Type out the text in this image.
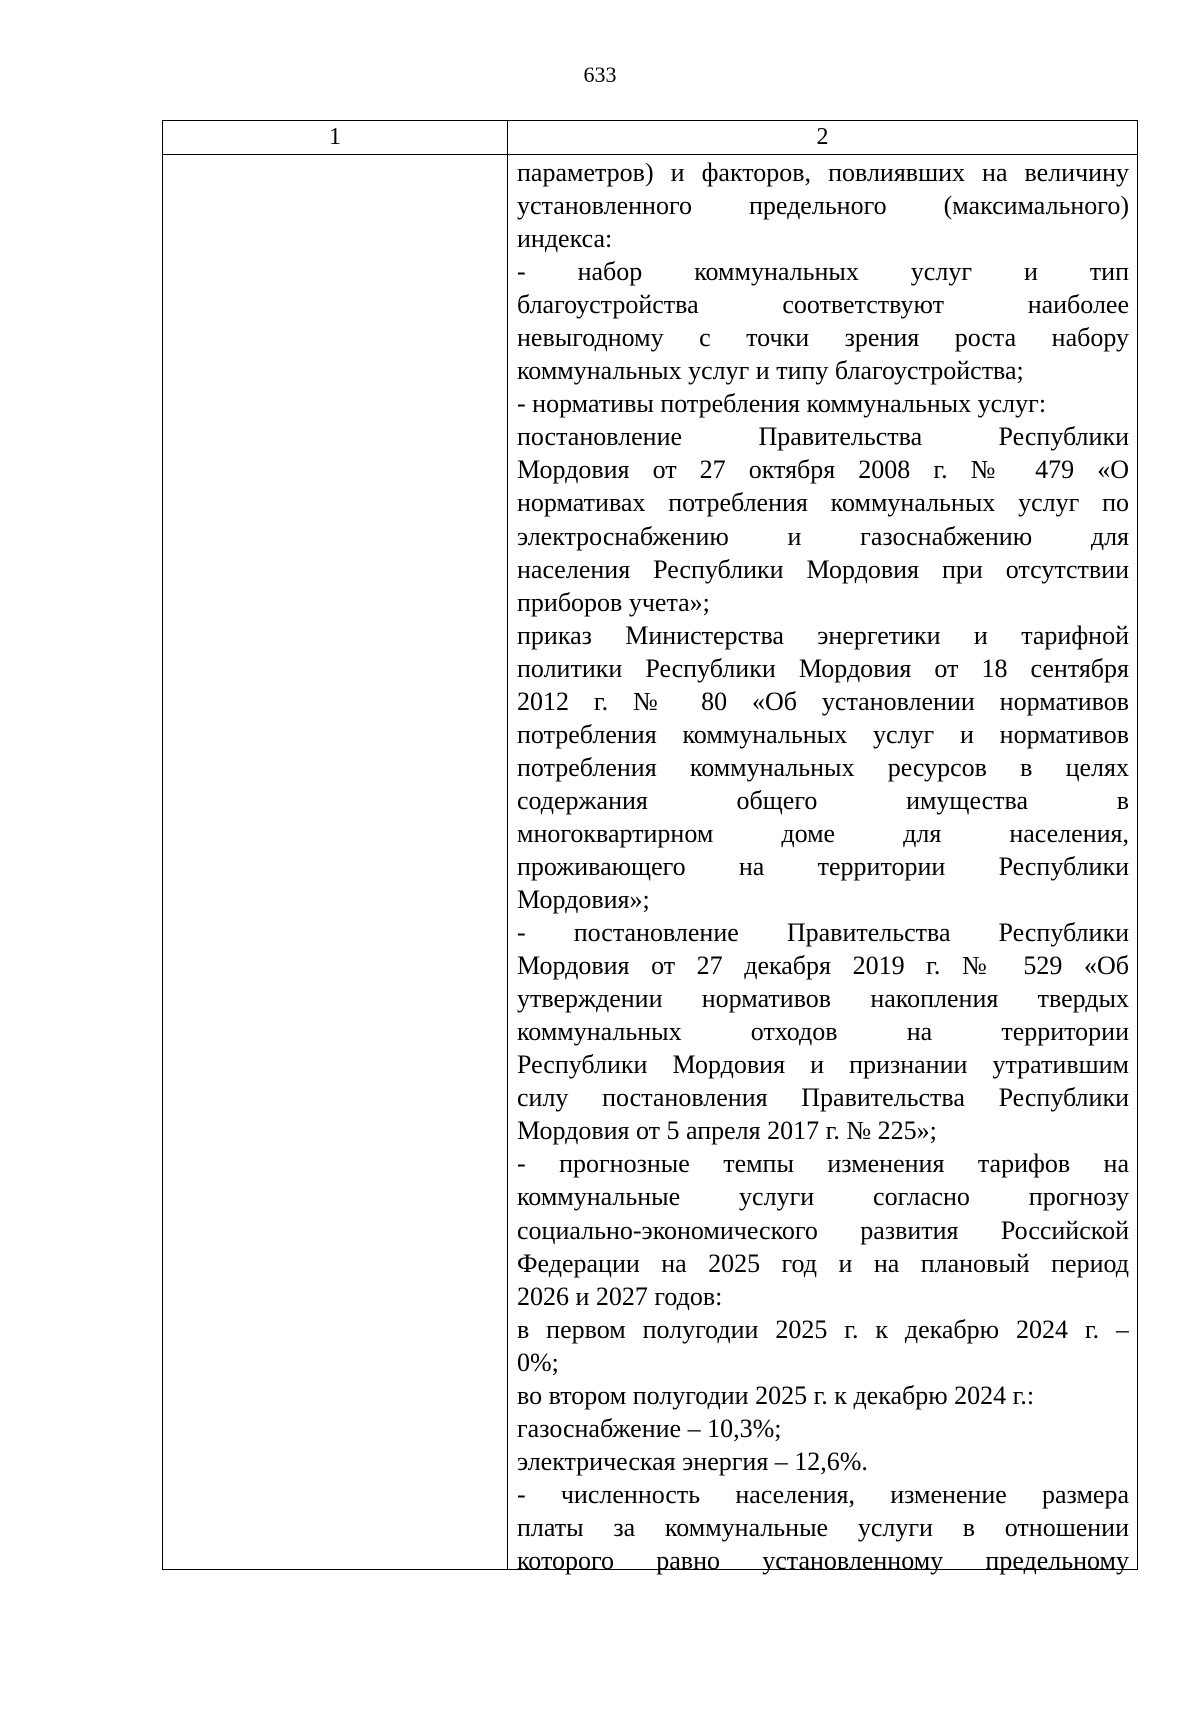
633
1	2
параметров) и факторов, повлиявших на величину
установленного предельного (максимального)
индекса:
- набор коммунальных услуг и тип
благоустройства соответствуют наиболее
невыгодному с точки зрения роста набору
коммунальных услуг и типу благоустройства;
- нормативы потребления коммунальных услуг:
постановление Правительства Республики
Мордовия от 27 октября 2008 г. № 479 «О
нормативах потребления коммунальных услуг по
электроснабжению и газоснабжению для
населения Республики Мордовия при отсутствии
приборов учета»;
приказ Министерства энергетики и тарифной
политики Республики Мордовия от 18 сентября
2012 г. № 80 «Об установлении нормативов
потребления коммунальных услуг и нормативов
потребления коммунальных ресурсов в целях
содержания общего имущества в
многоквартирном доме для населения,
проживающего на территории Республики
Мордовия»;
- постановление Правительства Республики
Мордовия от 27 декабря 2019 г. № 529 «Об
утверждении нормативов накопления твердых
коммунальных отходов на территории
Республики Мордовия и признании утратившим
силу постановления Правительства Республики
Мордовия от 5 апреля 2017 г. № 225»;
- прогнозные темпы изменения тарифов на
коммунальные услуги согласно прогнозу
социально-экономического развития Российской
Федерации на 2025 год и на плановый период
2026 и 2027 годов:
в первом полугодии 2025 г. к декабрю 2024 г. –
0%;
во втором полугодии 2025 г. к декабрю 2024 г.:
газоснабжение – 10,3%;
электрическая энергия – 12,6%.
- численность населения, изменение размера
платы за коммунальные услуги в отношении
которого равно установленному предельному
